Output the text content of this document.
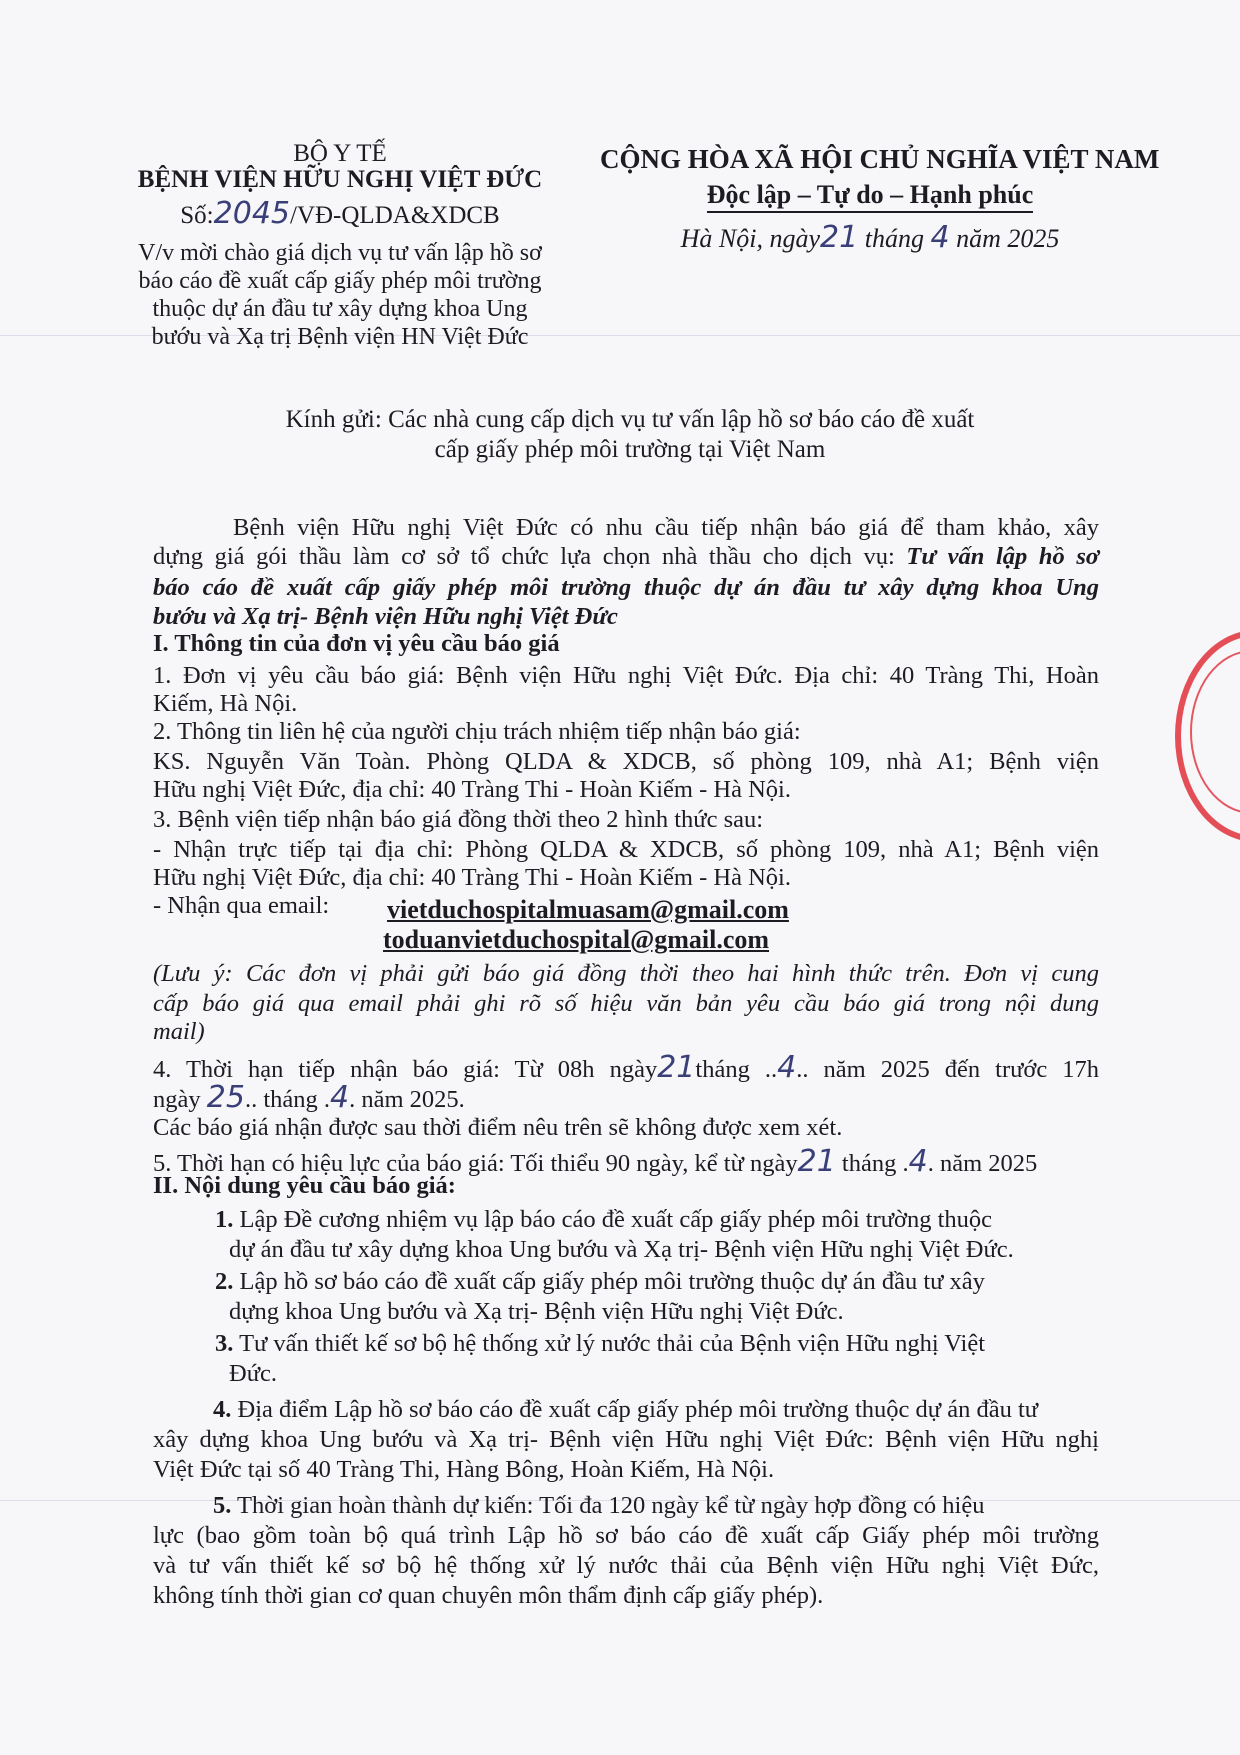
BỘ Y TẾ
BỆNH VIỆN HỮU NGHỊ VIỆT ĐỨC
Số:2045/VĐ-QLDA&XDCB
V/v mời chào giá dịch vụ tư vấn lập hồ sơ
báo cáo đề xuất cấp giấy phép môi trường
thuộc dự án đầu tư xây dựng khoa Ung
bướu và Xạ trị Bệnh viện HN Việt Đức
CỘNG HÒA XÃ HỘI CHỦ NGHĨA VIỆT NAM
Độc lập – Tự do – Hạnh phúc
Hà Nội, ngày21 tháng 4 năm 2025
Kính gửi: Các nhà cung cấp dịch vụ tư vấn lập hồ sơ báo cáo đề xuất
cấp giấy phép môi trường tại Việt Nam
Bệnh viện Hữu nghị Việt Đức có nhu cầu tiếp nhận báo giá để tham khảo, xây
dựng giá gói thầu làm cơ sở tổ chức lựa chọn nhà thầu cho dịch vụ: Tư vấn lập hồ sơ
báo cáo đề xuất cấp giấy phép môi trường thuộc dự án đầu tư xây dựng khoa Ung
bướu và Xạ trị- Bệnh viện Hữu nghị Việt Đức
I. Thông tin của đơn vị yêu cầu báo giá
1. Đơn vị yêu cầu báo giá: Bệnh viện Hữu nghị Việt Đức. Địa chỉ: 40 Tràng Thi, Hoàn
Kiếm, Hà Nội.
2. Thông tin liên hệ của người chịu trách nhiệm tiếp nhận báo giá:
KS. Nguyễn Văn Toàn. Phòng QLDA & XDCB, số phòng 109, nhà A1; Bệnh viện
Hữu nghị Việt Đức, địa chỉ: 40 Tràng Thi - Hoàn Kiếm - Hà Nội.
3. Bệnh viện tiếp nhận báo giá đồng thời theo 2 hình thức sau:
- Nhận trực tiếp tại địa chỉ: Phòng QLDA & XDCB, số phòng 109, nhà A1; Bệnh viện
Hữu nghị Việt Đức, địa chỉ: 40 Tràng Thi - Hoàn Kiếm - Hà Nội.
- Nhận qua email: vietduchospitalmuasam@gmail.com
toduanvietduchospital@gmail.com
(Lưu ý: Các đơn vị phải gửi báo giá đồng thời theo hai hình thức trên. Đơn vị cung
cấp báo giá qua email phải ghi rõ số hiệu văn bản yêu cầu báo giá trong nội dung
mail)
4. Thời hạn tiếp nhận báo giá: Từ 08h ngày21tháng ..4.. năm 2025 đến trước 17h
ngày 25.. tháng .4. năm 2025.
Các báo giá nhận được sau thời điểm nêu trên sẽ không được xem xét.
5. Thời hạn có hiệu lực của báo giá: Tối thiểu 90 ngày, kể từ ngày21 tháng .4. năm 2025
II. Nội dung yêu cầu báo giá:
1. Lập Đề cương nhiệm vụ lập báo cáo đề xuất cấp giấy phép môi trường thuộc
dự án đầu tư xây dựng khoa Ung bướu và Xạ trị- Bệnh viện Hữu nghị Việt Đức.
2. Lập hồ sơ báo cáo đề xuất cấp giấy phép môi trường thuộc dự án đầu tư xây
dựng khoa Ung bướu và Xạ trị- Bệnh viện Hữu nghị Việt Đức.
3. Tư vấn thiết kế sơ bộ hệ thống xử lý nước thải của Bệnh viện Hữu nghị Việt
Đức.
4. Địa điểm Lập hồ sơ báo cáo đề xuất cấp giấy phép môi trường thuộc dự án đầu tư
xây dựng khoa Ung bướu và Xạ trị- Bệnh viện Hữu nghị Việt Đức: Bệnh viện Hữu nghị
Việt Đức tại số 40 Tràng Thi, Hàng Bông, Hoàn Kiếm, Hà Nội.
5. Thời gian hoàn thành dự kiến: Tối đa 120 ngày kể từ ngày hợp đồng có hiệu
lực (bao gồm toàn bộ quá trình Lập hồ sơ báo cáo đề xuất cấp Giấy phép môi trường
và tư vấn thiết kế sơ bộ hệ thống xử lý nước thải của Bệnh viện Hữu nghị Việt Đức,
không tính thời gian cơ quan chuyên môn thẩm định cấp giấy phép).
